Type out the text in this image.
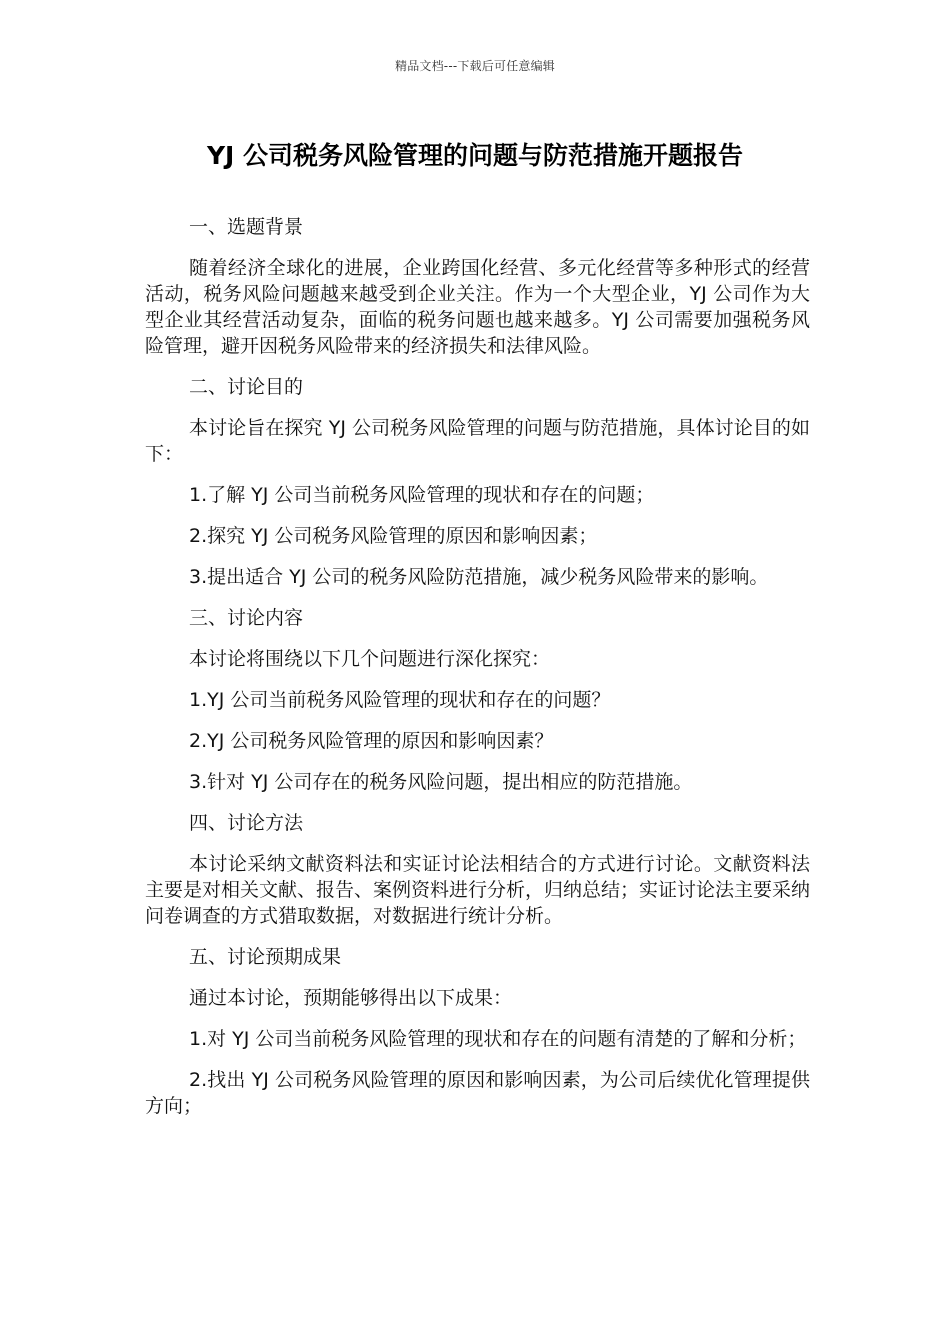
精品文档---下载后可任意编辑
YJ 公司税务风险管理的问题与防范措施开题报告

一、选题背景

随着经济全球化的进展，企业跨国化经营、多元化经营等多种形式的经营活动，税务风险问题越来越受到企业关注。作为一个大型企业，YJ 公司作为大型企业其经营活动复杂，面临的税务问题也越来越多。YJ 公司需要加强税务风险管理，避开因税务风险带来的经济损失和法律风险。

二、讨论目的

本讨论旨在探究 YJ 公司税务风险管理的问题与防范措施，具体讨论目的如下：

1.了解 YJ 公司当前税务风险管理的现状和存在的问题；

2.探究 YJ 公司税务风险管理的原因和影响因素；

3.提出适合 YJ 公司的税务风险防范措施，减少税务风险带来的影响。

三、讨论内容

本讨论将围绕以下几个问题进行深化探究：

1.YJ 公司当前税务风险管理的现状和存在的问题？

2.YJ 公司税务风险管理的原因和影响因素？

3.针对 YJ 公司存在的税务风险问题，提出相应的防范措施。

四、讨论方法

本讨论采纳文献资料法和实证讨论法相结合的方式进行讨论。文献资料法主要是对相关文献、报告、案例资料进行分析，归纳总结；实证讨论法主要采纳问卷调查的方式猎取数据，对数据进行统计分析。

五、讨论预期成果

通过本讨论，预期能够得出以下成果：

1.对 YJ 公司当前税务风险管理的现状和存在的问题有清楚的了解和分析；

2.找出 YJ 公司税务风险管理的原因和影响因素，为公司后续优化管理提供方向；
